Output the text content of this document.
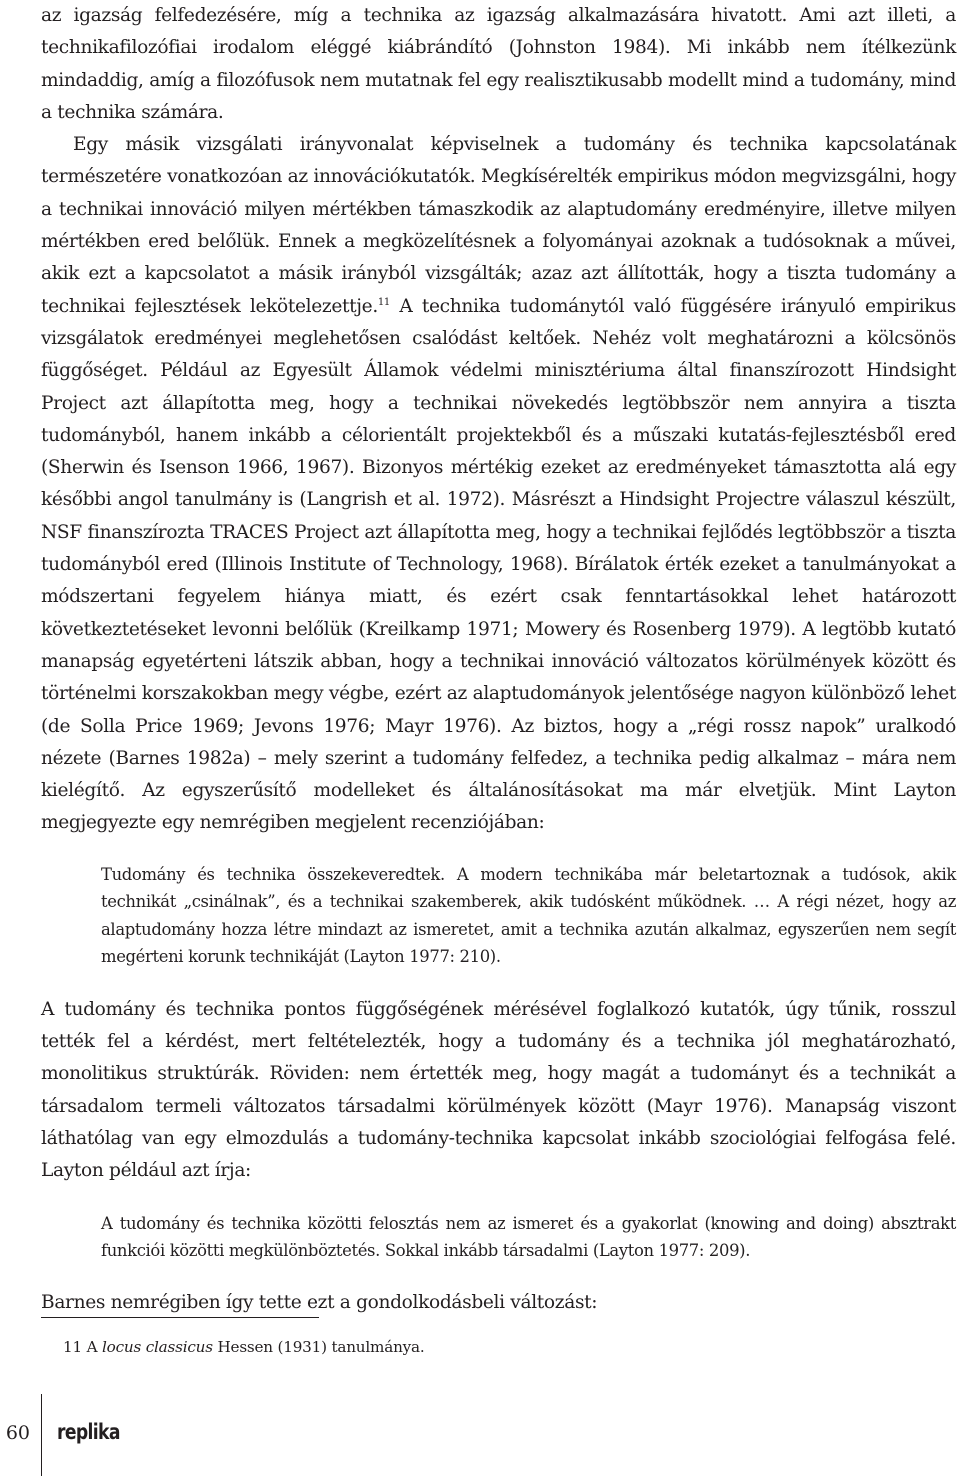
az igazság felfedezésére, míg a technika az igazság alkalmazására hivatott. Ami azt illeti, a technikafilozófiai irodalom eléggé kiábrándító (Johnston 1984). Mi inkább nem ítélkezünk mindaddig, amíg a filozófusok nem mutatnak fel egy realisztikusabb modellt mind a tudomány, mind a technika számára.

Egy másik vizsgálati irányvonalat képviselnek a tudomány és technika kapcsolatának természetére vonatkozóan az innovációkutatók. Megkísérelték empirikus módon megvizsgálni, hogy a technikai innováció milyen mértékben támaszkodik az alaptudomány eredményire, illetve milyen mértékben ered belőlük. Ennek a megközelítésnek a folyományai azoknak a tudósoknak a művei, akik ezt a kapcsolatot a másik irányból vizsgálták; azaz azt állították, hogy a tiszta tudomány a technikai fejlesztések lekötelezettje.$^{11}$ A technika tudománytól való függésére irányuló empirikus vizsgálatok eredményei meglehetősen csalódást keltőek. Nehéz volt meghatározni a kölcsönös függőséget. Például az Egyesült Államok védelmi minisztériuma által finanszírozott Hindsight Project azt állapította meg, hogy a technikai növekedés legtöbbször nem annyira a tiszta tudományból, hanem inkább a célorientált projektekből és a műszaki kutatás-fejlesztésből ered (Sherwin és Isenson 1966, 1967). Bizonyos mértékig ezeket az eredményeket támasztotta alá egy későbbi angol tanulmány is (Langrish et al. 1972). Másrészt a Hindsight Projectre válaszul készült, NSF finanszírozta TRACES Project azt állapította meg, hogy a technikai fejlődés legtöbbször a tiszta tudományból ered (Illinois Institute of Technology, 1968). Bírálatok érték ezeket a tanulmányokat a módszertani fegyelem hiánya miatt, és ezért csak fenntartásokkal lehet határozott következtetéseket levonni belőlük (Kreilkamp 1971; Mowery és Rosenberg 1979). A legtöbb kutató manapság egyetérteni látszik abban, hogy a technikai innováció változatos körülmények között és történelmi korszakokban megy végbe, ezért az alaptudományok jelentősége nagyon különböző lehet (de Solla Price 1969; Jevons 1976; Mayr 1976). Az biztos, hogy a „régi rossz napok” uralkodó nézete (Barnes 1982a) – mely szerint a tudomány felfedez, a technika pedig alkalmaz – mára nem kielégítő. Az egyszerűsítő modelleket és általánosításokat ma már elvetjük. Mint Layton megjegyezte egy nemrégiben megjelent recenziójában:

Tudomány és technika összekeveredtek. A modern technikába már beletartoznak a tudósok, akik technikát „csinálnak”, és a technikai szakemberek, akik tudósként működnek. … A régi nézet, hogy az alaptudomány hozza létre mindazt az ismeretet, amit a technika azután alkalmaz, egyszerűen nem segít megérteni korunk technikáját (Layton 1977: 210).

A tudomány és technika pontos függőségének mérésével foglalkozó kutatók, úgy tűnik, rosszul tették fel a kérdést, mert feltételezték, hogy a tudomány és a technika jól meghatározható, monolitikus struktúrák. Röviden: nem értették meg, hogy magát a tudományt és a technikát a társadalom termeli változatos társadalmi körülmények között (Mayr 1976). Manapság viszont láthatólag van egy elmozdulás a tudomány-technika kapcsolat inkább szociológiai felfogása felé. Layton például azt írja:

A tudomány és technika közötti felosztás nem az ismeret és a gyakorlat (knowing and doing) absztrakt funkciói közötti megkülönböztetés. Sokkal inkább társadalmi (Layton 1977: 209).

Barnes nemrégiben így tette ezt a gondolkodásbeli változást:

11 A locus classicus Hessen (1931) tanulmánya.
60 replika
